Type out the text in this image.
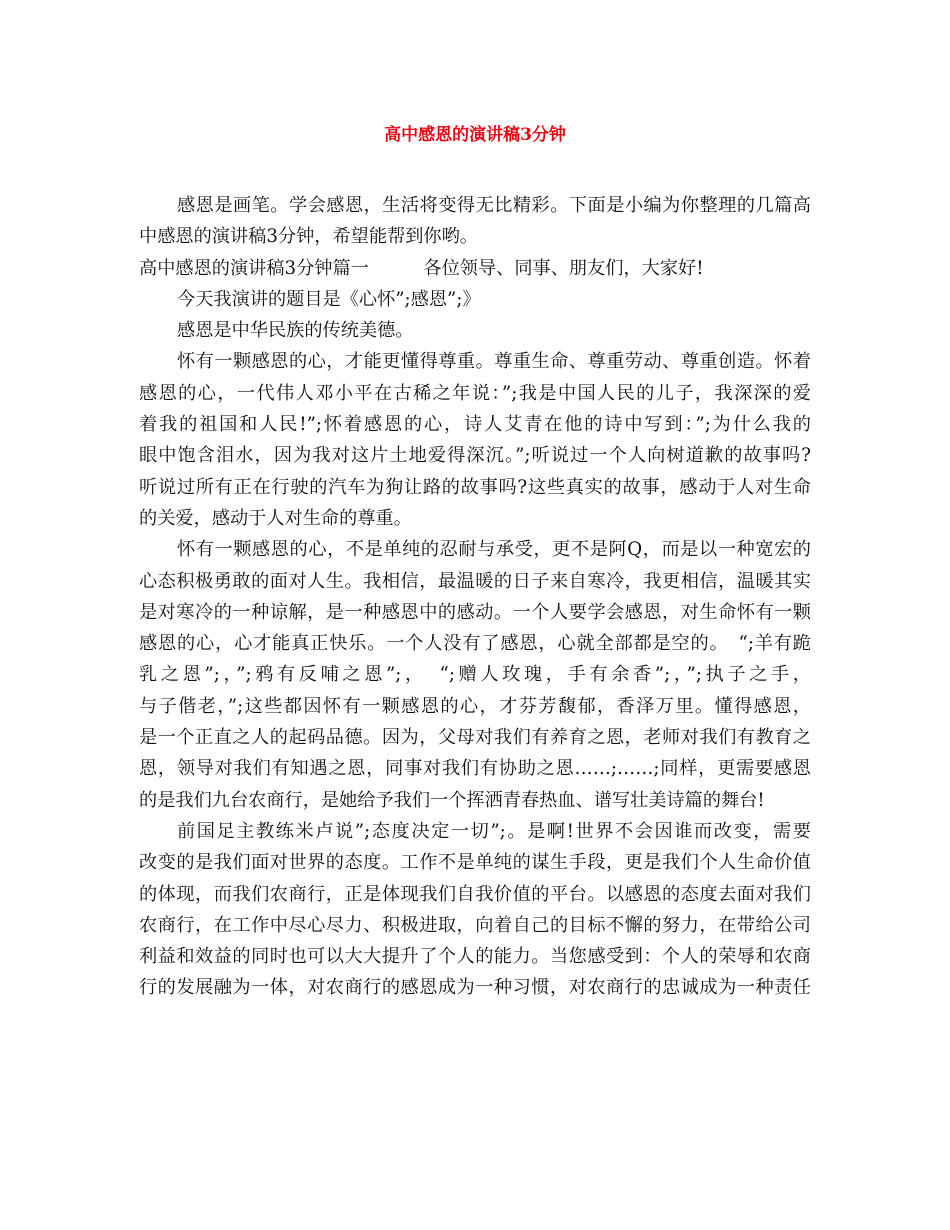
高中感恩的演讲稿3分钟
感恩是画笔。学会感恩，生活将变得无比精彩。下面是小编为你整理的几篇高
中感恩的演讲稿3分钟，希望能帮到你哟。
高中感恩的演讲稿3分钟篇一　　　各位领导、同事、朋友们，大家好!
今天我演讲的题目是《心怀”;感恩”;》
感恩是中华民族的传统美德。
怀有一颗感恩的心，才能更懂得尊重。尊重生命、尊重劳动、尊重创造。怀着
感恩的心，一代伟人邓小平在古稀之年说：”;我是中国人民的儿子，我深深的爱
着我的祖国和人民!”;怀着感恩的心，诗人艾青在他的诗中写到：”;为什么我的
眼中饱含泪水，因为我对这片土地爱得深沉。”;听说过一个人向树道歉的故事吗?
听说过所有正在行驶的汽车为狗让路的故事吗?这些真实的故事，感动于人对生命
的关爱，感动于人对生命的尊重。
怀有一颗感恩的心，不是单纯的忍耐与承受，更不是阿Q，而是以一种宽宏的
心态积极勇敢的面对人生。我相信，最温暖的日子来自寒冷，我更相信，温暖其实
是对寒冷的一种谅解，是一种感恩中的感动。一个人要学会感恩，对生命怀有一颗
感恩的心，心才能真正快乐。一个人没有了感恩，心就全部都是空的。　“;羊有跪
乳之恩”;，”;鸦有反哺之恩”;，　“;赠人玫瑰，手有余香”;，”;执子之手，
与子偕老，”;这些都因怀有一颗感恩的心，才芬芳馥郁，香泽万里。懂得感恩，
是一个正直之人的起码品德。因为，父母对我们有养育之恩，老师对我们有教育之
恩，领导对我们有知遇之恩，同事对我们有协助之恩……;……;同样，更需要感恩
的是我们九台农商行，是她给予我们一个挥洒青春热血、谱写壮美诗篇的舞台!
前国足主教练米卢说”;态度决定一切”;。是啊!世界不会因谁而改变，需要
改变的是我们面对世界的态度。工作不是单纯的谋生手段，更是我们个人生命价值
的体现，而我们农商行，正是体现我们自我价值的平台。以感恩的态度去面对我们
农商行，在工作中尽心尽力、积极进取，向着自己的目标不懈的努力，在带给公司
利益和效益的同时也可以大大提升了个人的能力。当您感受到：个人的荣辱和农商
行的发展融为一体，对农商行的感恩成为一种习惯，对农商行的忠诚成为一种责任
